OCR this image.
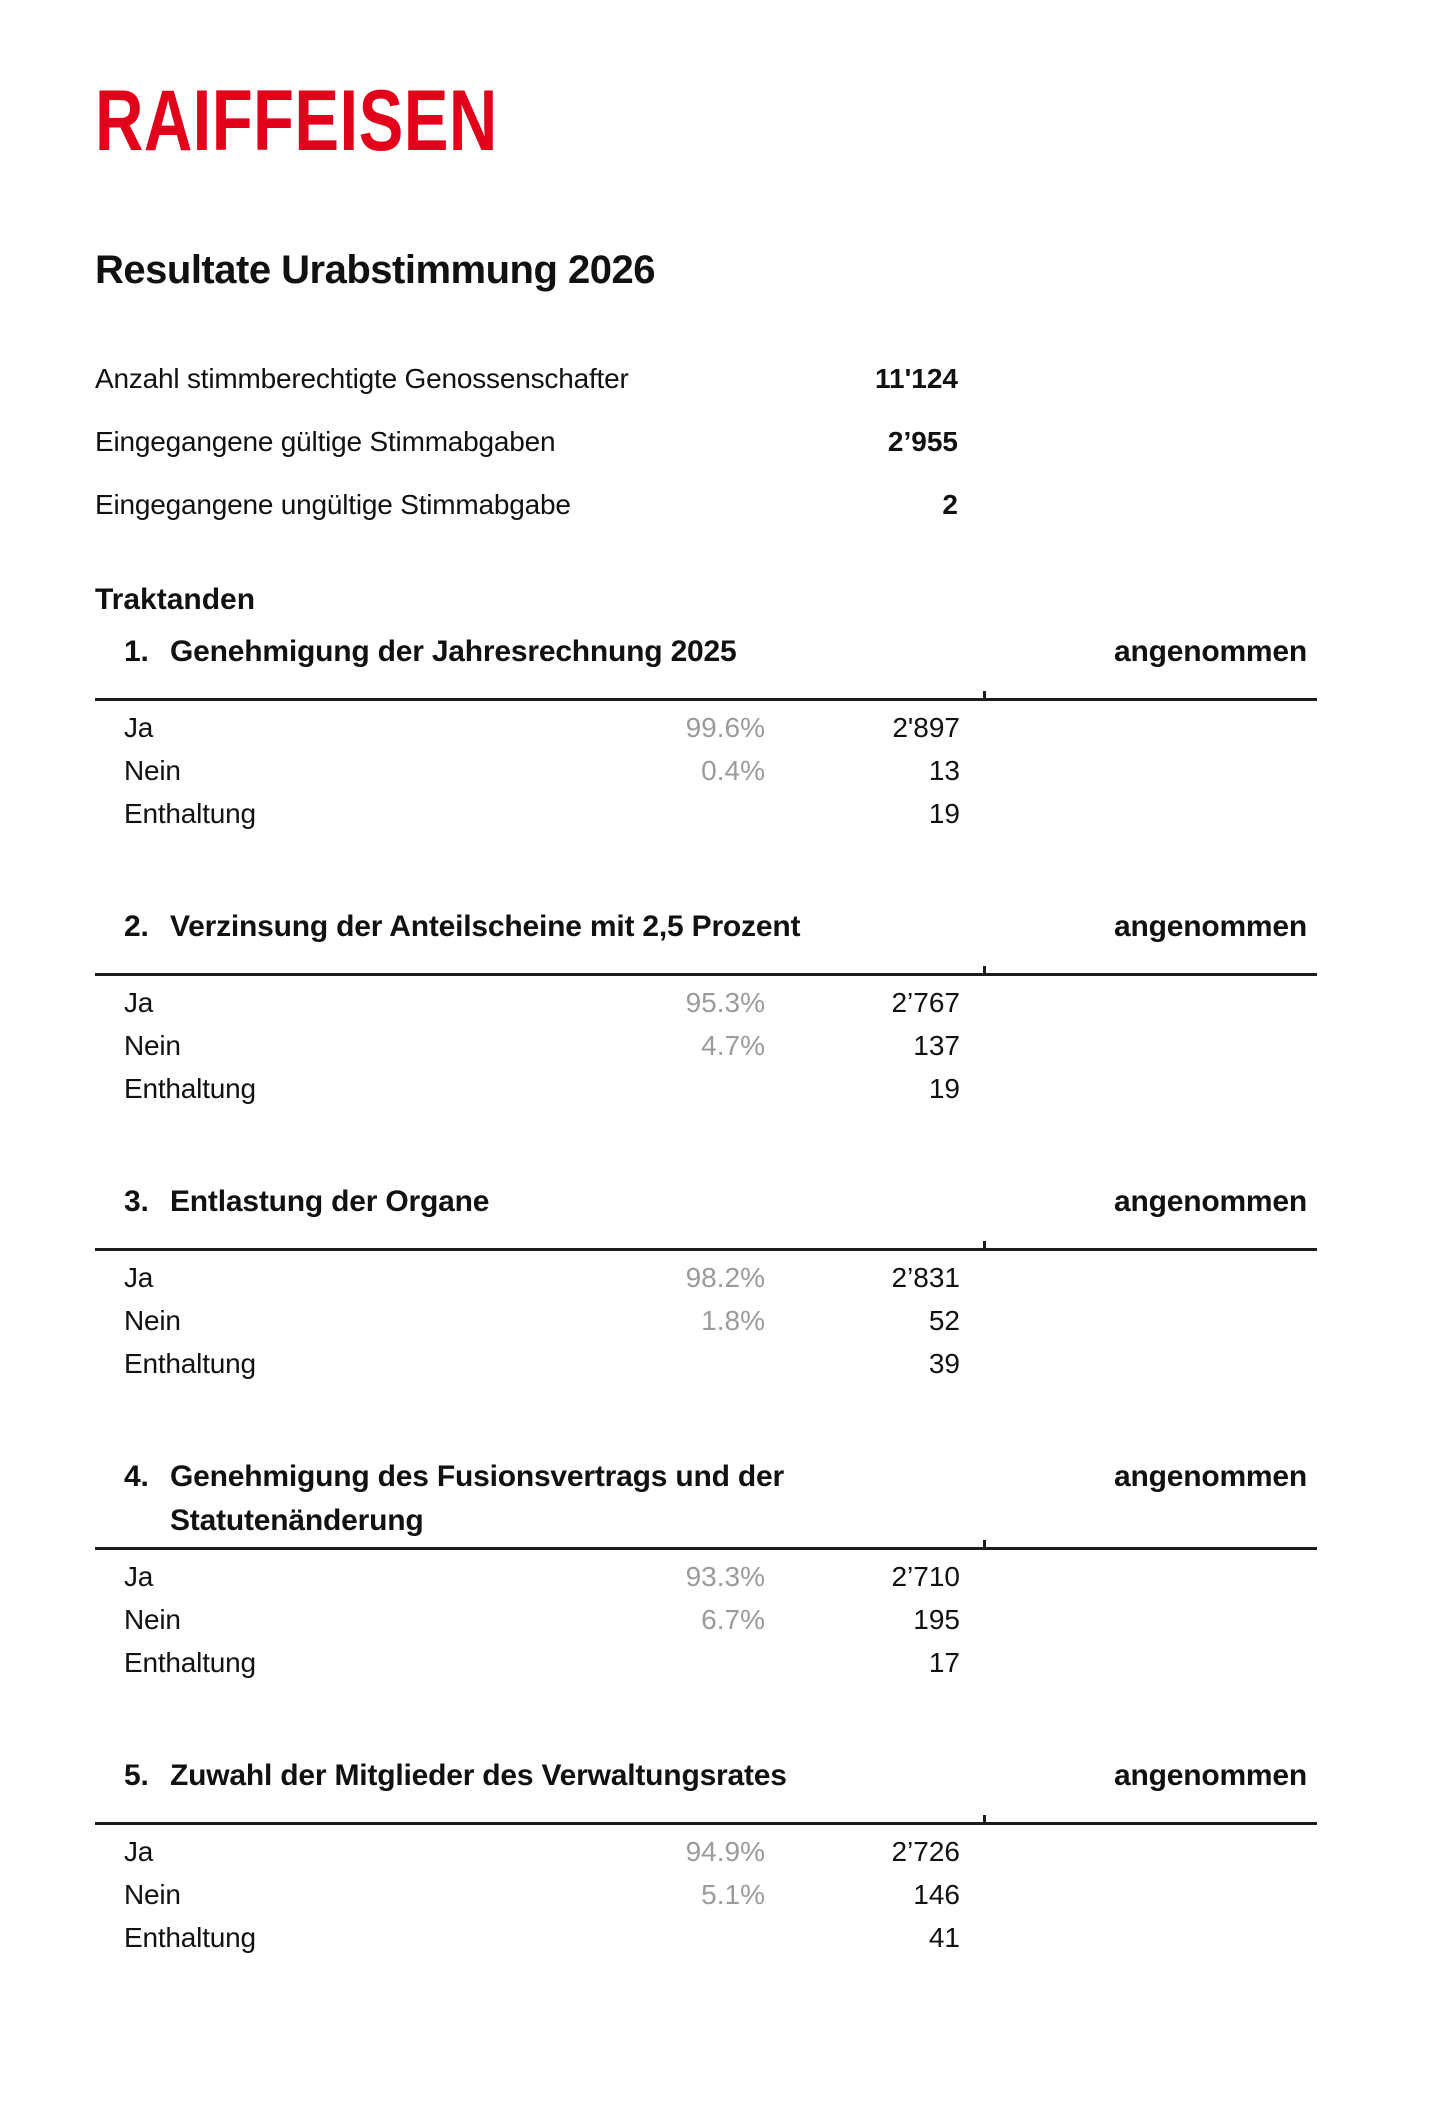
RAIFFEISEN
Resultate Urabstimmung 2026
Anzahl stimmberechtigte Genossenschafter	11'124
Eingegangene gültige Stimmabgaben	2’955
Eingegangene ungültige Stimmabgabe	2
Traktanden
1. Genehmigung der Jahresrechnung 2025	angenommen
Ja	99.6%	2'897
Nein	0.4%	13
Enthaltung	19
2. Verzinsung der Anteilscheine mit 2,5 Prozent	angenommen
Ja	95.3%	2’767
Nein	4.7%	137
Enthaltung	19
3. Entlastung der Organe	angenommen
Ja	98.2%	2’831
Nein	1.8%	52
Enthaltung	39
4. Genehmigung des Fusionsvertrags und der Statutenänderung
angenommen
Ja	93.3%	2’710
Nein	6.7%	195
Enthaltung	17
5. Zuwahl der Mitglieder des Verwaltungsrates	angenommen
Ja	94.9%	2’726
Nein	5.1%	146
Enthaltung	41
